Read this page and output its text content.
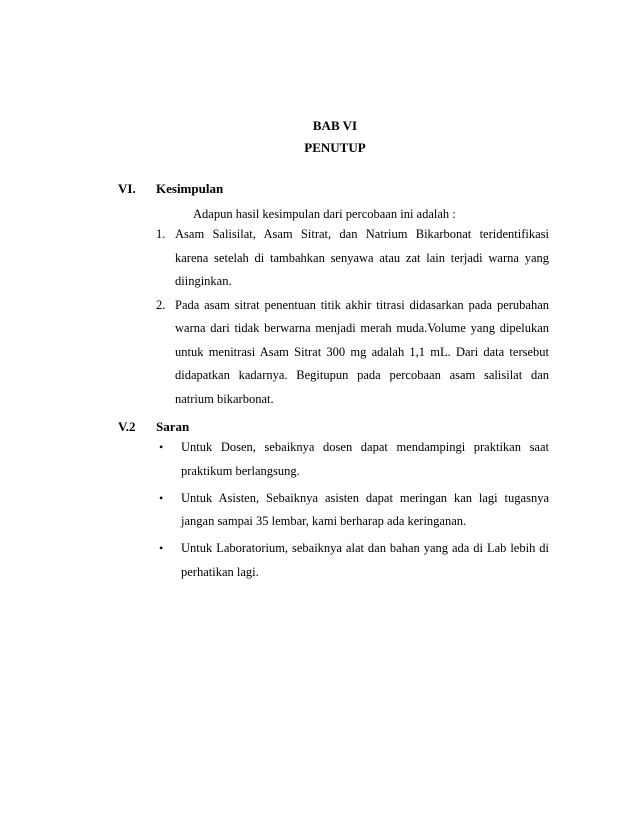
BAB VI
PENUTUP
VI. Kesimpulan
Adapun hasil kesimpulan dari percobaan ini adalah :
1. Asam Salisilat, Asam Sitrat, dan Natrium Bikarbonat teridentifikasi karena setelah di tambahkan senyawa atau zat lain terjadi warna yang diinginkan.
2. Pada asam sitrat penentuan titik akhir titrasi didasarkan pada perubahan warna dari tidak berwarna menjadi merah muda.Volume yang dipelukan untuk menitrasi Asam Sitrat 300 mg adalah 1,1 mL. Dari data tersebut didapatkan kadarnya. Begitupun pada percobaan asam salisilat dan natrium bikarbonat.
V.2 Saran
• Untuk Dosen, sebaiknya dosen dapat mendampingi praktikan saat praktikum berlangsung.
• Untuk Asisten, Sebaiknya asisten dapat meringan kan lagi tugasnya jangan sampai 35 lembar, kami berharap ada keringanan.
• Untuk Laboratorium, sebaiknya alat dan bahan yang ada di Lab lebih di perhatikan lagi.
